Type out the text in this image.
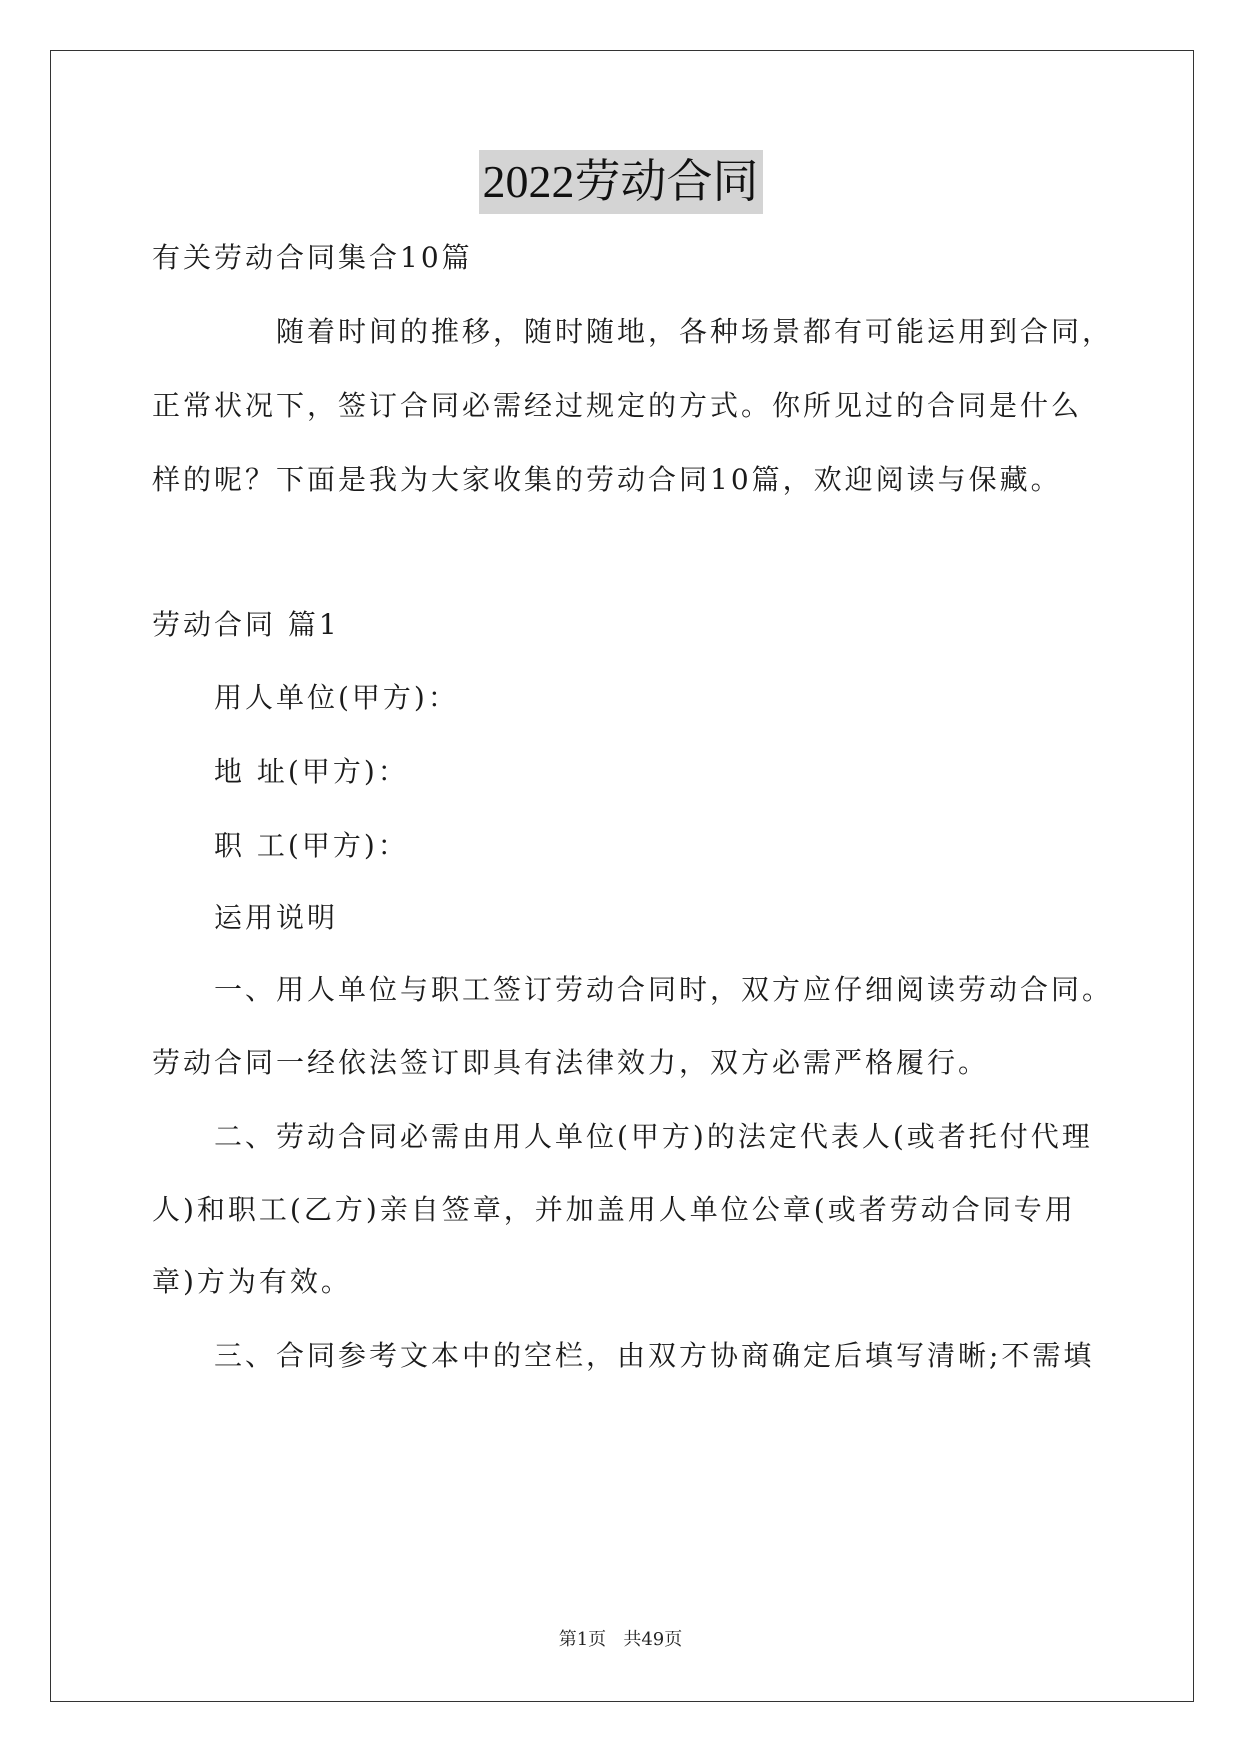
2022劳动合同
有关劳动合同集合10篇
随着时间的推移，随时随地，各种场景都有可能运用到合同，
正常状况下，签订合同必需经过规定的方式。你所见过的合同是什么
样的呢？下面是我为大家收集的劳动合同10篇，欢迎阅读与保藏。
劳动合同 篇1
用人单位(甲方)：
地 址(甲方)：
职 工(甲方)：
运用说明
一、用人单位与职工签订劳动合同时，双方应仔细阅读劳动合同。
劳动合同一经依法签订即具有法律效力，双方必需严格履行。
二、劳动合同必需由用人单位(甲方)的法定代表人(或者托付代理
人)和职工(乙方)亲自签章，并加盖用人单位公章(或者劳动合同专用
章)方为有效。
三、合同参考文本中的空栏，由双方协商确定后填写清晰;不需填
第1页   共49页
